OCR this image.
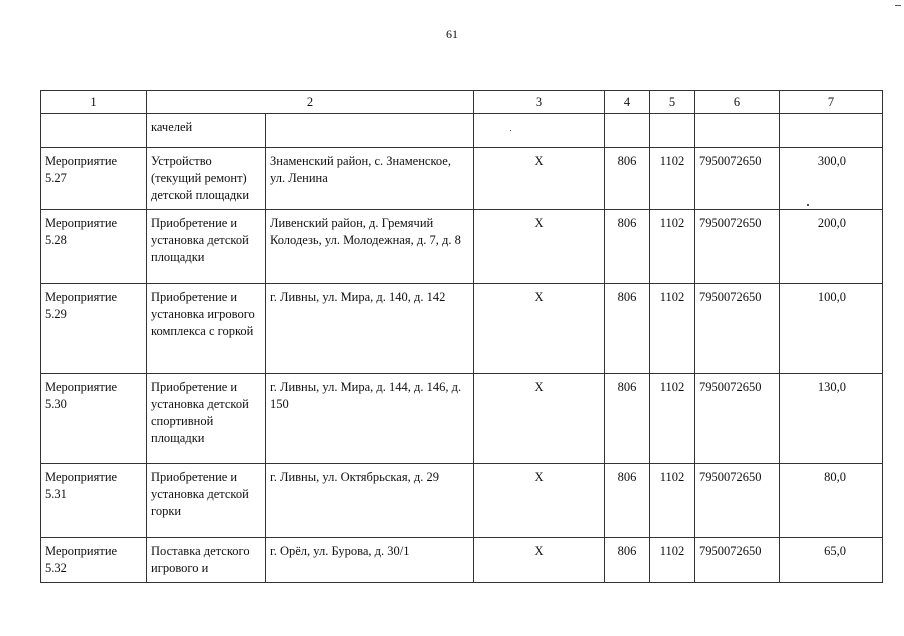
61
1	2		3	4	5	6	7
	качелей						
Мероприятие 5.27	Устройство (текущий ремонт) детской площадки	Знаменский район, с. Знаменское, ул. Ленина	X	806	1102	7950072650	300,0
Мероприятие 5.28	Приобретение и установка детской площадки	Ливенский район, д. Гремячий Колодезь, ул. Молодежная, д. 7, д. 8	X	806	1102	7950072650	200,0
Мероприятие 5.29	Приобретение и установка игрового комплекса с горкой	г. Ливны, ул. Мира, д. 140, д. 142	X	806	1102	7950072650	100,0
Мероприятие 5.30	Приобретение и установка детской спортивной площадки	г. Ливны, ул. Мира, д. 144, д. 146, д. 150	X	806	1102	7950072650	130,0
Мероприятие 5.31	Приобретение и установка детской горки	г. Ливны, ул. Октябрьская, д. 29	X	806	1102	7950072650	80,0
Мероприятие 5.32	Поставка детского игрового и	г. Орёл, ул. Бурова, д. 30/1	X	806	1102	7950072650	65,0
